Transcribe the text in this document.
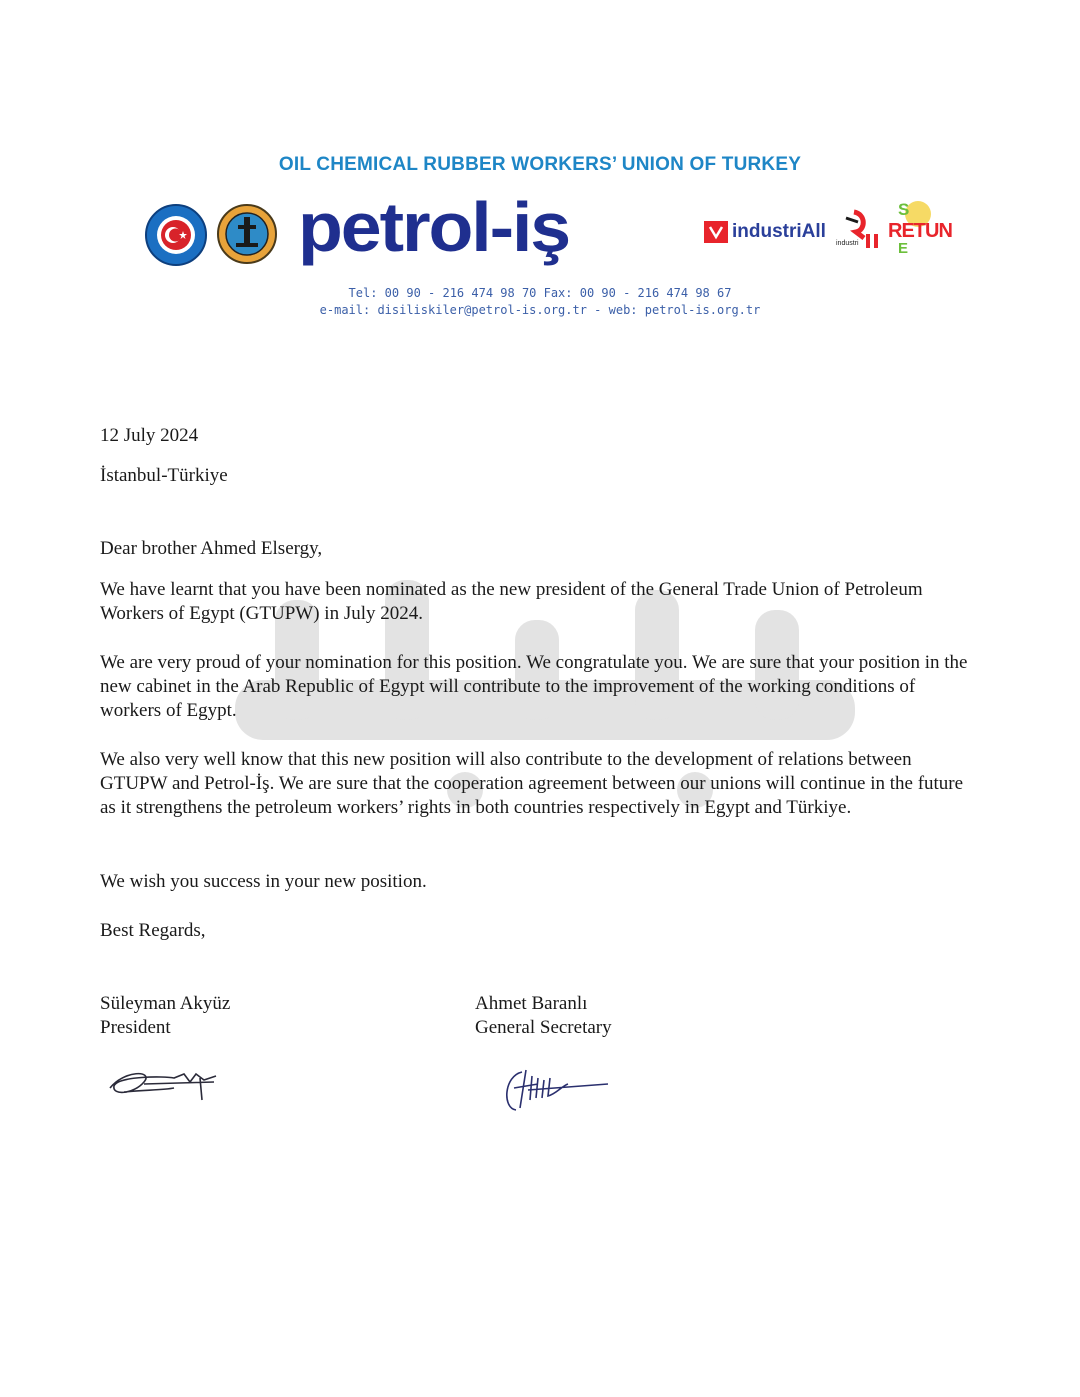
OIL CHEMICAL RUBBER WORKERS’ UNION OF TURKEY
petrol-iş	industriAll
industri
S
RETUN
E
Tel: 00 90 - 216 474 98 70 Fax: 00 90 - 216 474 98 67
e-mail: disiliskiler@petrol-is.org.tr - web: petrol-is.org.tr
12 July 2024
İstanbul-Türkiye
Dear brother Ahmed Elsergy,
We have learnt that you have been nominated as the new president of the General Trade Union of Petroleum Workers of Egypt (GTUPW) in July 2024.
We are very proud of your nomination for this position. We congratulate you. We are sure that your position in the new cabinet in the Arab Republic of Egypt will contribute to the improvement of the working conditions of workers of Egypt.
We also very well know that this new position will also contribute to the development of relations between GTUPW and Petrol-İş. We are sure that the cooperation agreement between our unions will continue in the future as it strengthens the petroleum workers’ rights in both countries respectively in Egypt and Türkiye.
We wish you success in your new position.
Best Regards,
Süleyman Akyüz
President
Ahmet Baranlı
General Secretary
